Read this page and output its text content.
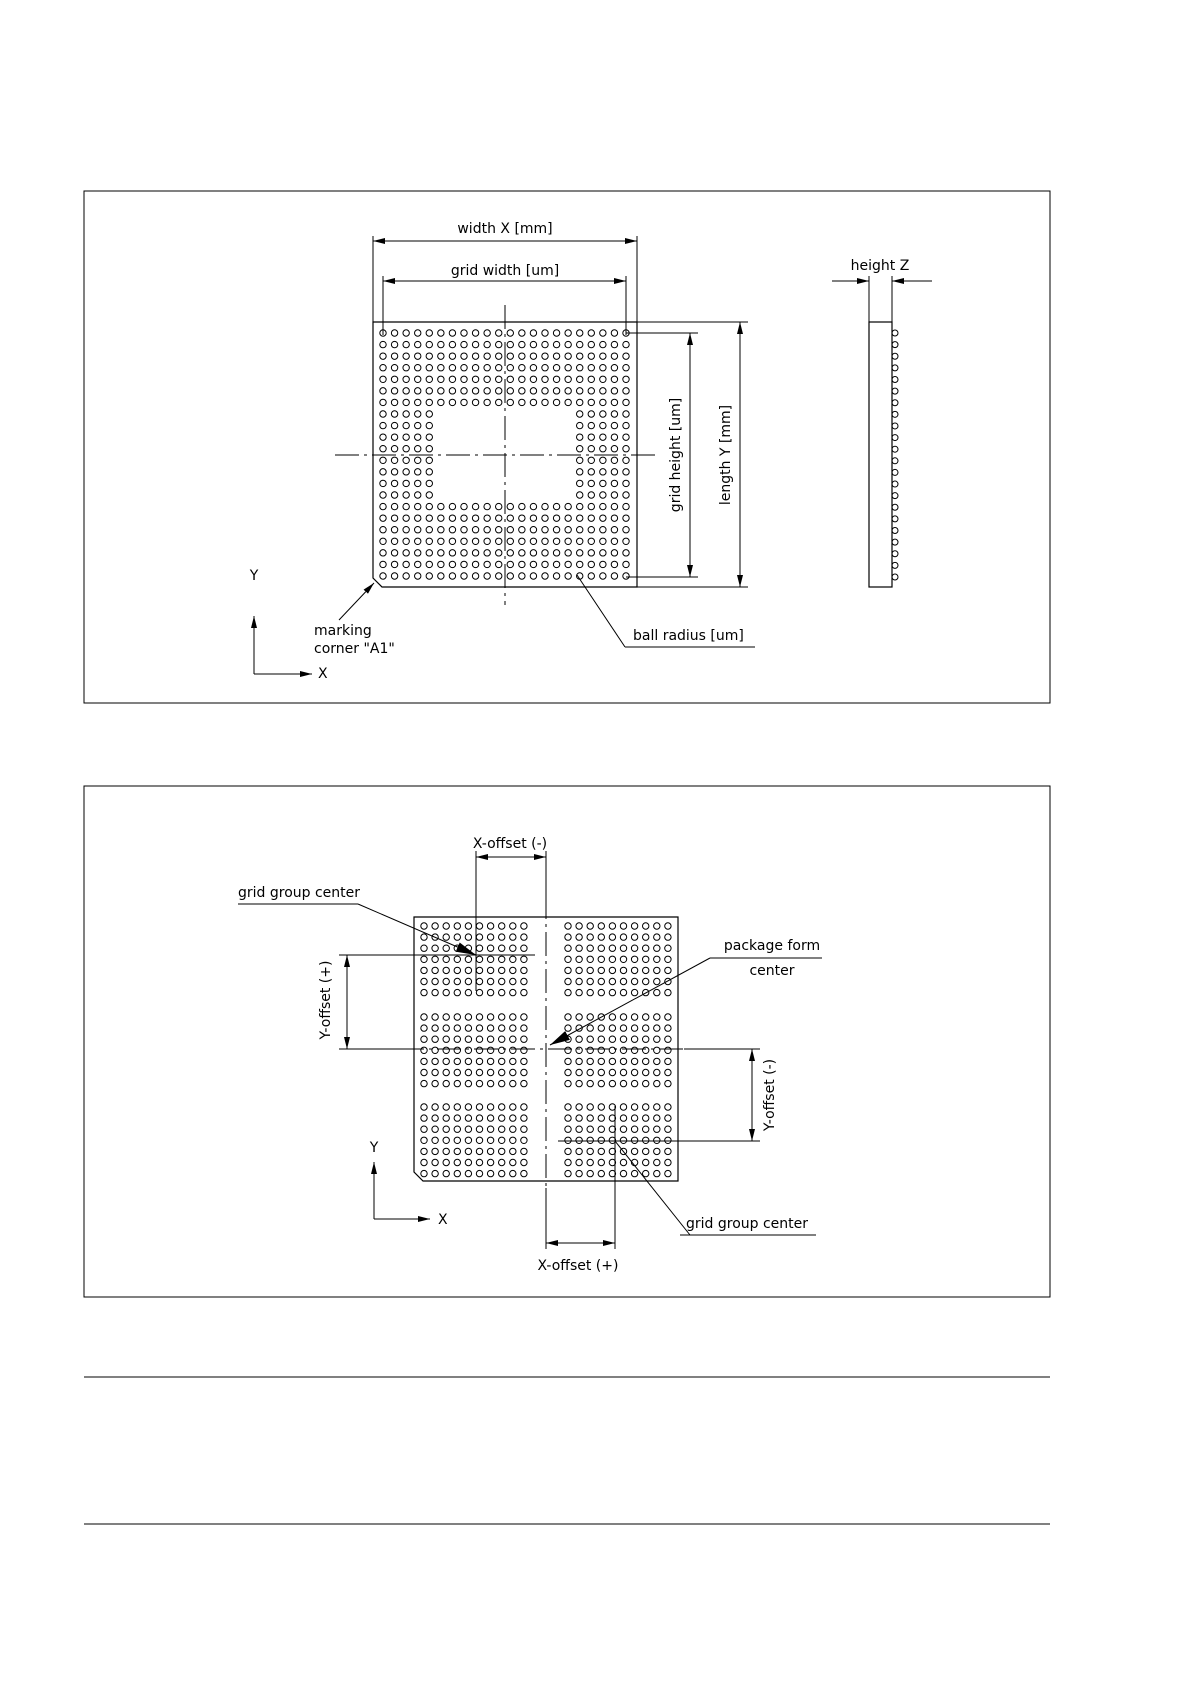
width X [mm]
grid width [um]
grid height [um] length Y [mm]
height Z
ball radius [um]
marking
corner "A1"
Y
X
X-offset (-)
X-offset (+)
Y-offset (+)
Y-offset (-)
grid group center
package form
center
grid group center
Y
X
